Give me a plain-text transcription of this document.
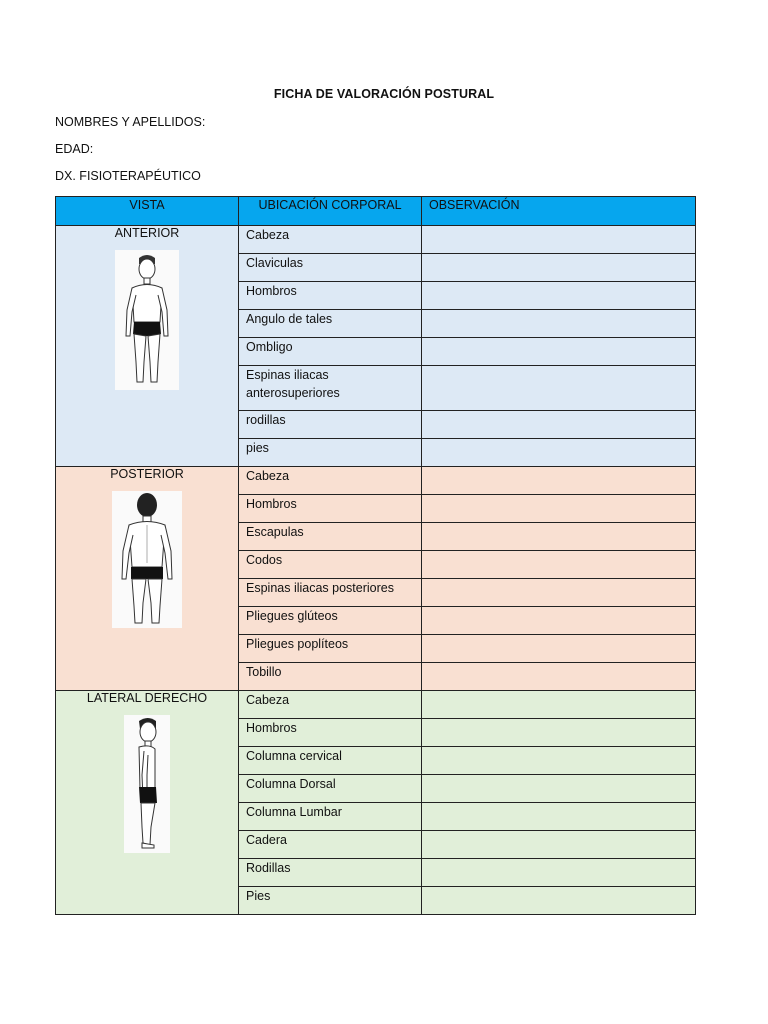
FICHA DE VALORACIÓN POSTURAL
NOMBRES Y APELLIDOS:
EDAD:
DX. FISIOTERAPÉUTICO
VISTA	UBICACIÓN CORPORAL	OBSERVACIÓN

ANTERIOR	Cabeza	
	Claviculas	
	Hombros	
	Angulo de tales	
	Ombligo	
	Espinas iliacas anterosuperiores	
	rodillas	
	pies	

POSTERIOR	Cabeza	
	Hombros	
	Escapulas	
	Codos	
	Espinas iliacas posteriores	
	Pliegues glúteos	
	Pliegues poplíteos	
	Tobillo	

LATERAL DERECHO	Cabeza	
	Hombros	
	Columna cervical	
	Columna Dorsal	
	Columna Lumbar	
	Cadera	
	Rodillas	
	Pies	
